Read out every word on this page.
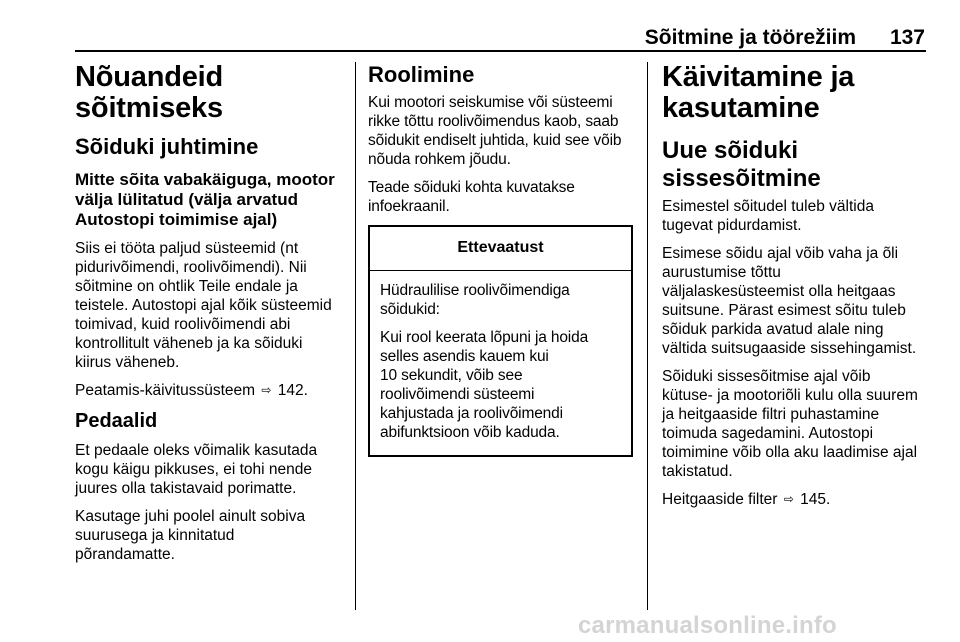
Sõitmine ja töörežiim 137
Nõuandeid sõitmiseks
Sõiduki juhtimine
Mitte sõita vabakäiguga, mootor välja lülitatud (välja arvatud Autostopi toimimise ajal)

Siis ei tööta paljud süsteemid (nt
pidurivõimendi, roolivõimendi). Nii
sõitmine on ohtlik Teile endale ja
teistele. Autostopi ajal kõik süsteemid
toimivad, kuid roolivõimendi abi
kontrollitult väheneb ja ka sõiduki
kiirus väheneb.

Peatamis-käivitussüsteem ⇨ 142.

Pedaalid

Et pedaale oleks võimalik kasutada
kogu käigu pikkuses, ei tohi nende
juures olla takistavaid porimatte.

Kasutage juhi poolel ainult sobiva
suurusega ja kinnitatud
põrandamatte.

Roolimine

Kui mootori seiskumise või süsteemi
rikke tõttu roolivõimendus kaob, saab
sõidukit endiselt juhtida, kuid see võib
nõuda rohkem jõudu.

Teade sõiduki kohta kuvatakse
infoekraanil.

Ettevaatust

Hüdraulilise roolivõimendiga
sõidukid:

Kui rool keerata lõpuni ja hoida
selles asendis kauem kui
10 sekundit, võib see
roolivõimendi süsteemi
kahjustada ja roolivõimendi
abifunktsioon võib kaduda.

Käivitamine ja
kasutamine
Uue sõiduki sissesõitmine

Esimestel sõitudel tuleb vältida
tugevat pidurdamist.

Esimese sõidu ajal võib vaha ja õli
aurustumise tõttu
väljalaskesüsteemist olla heitgaas
suitsune. Pärast esimest sõitu tuleb
sõiduk parkida avatud alale ning
vältida suitsugaaside sissehingamist.

Sõiduki sissesõitmise ajal võib
kütuse- ja mootoriõli kulu olla suurem
ja heitgaaside filtri puhastamine
toimuda sagedamini. Autostopi
toimimine võib olla aku laadimise ajal
takistatud.

Heitgaaside filter ⇨ 145.

carmanualsonline.info
